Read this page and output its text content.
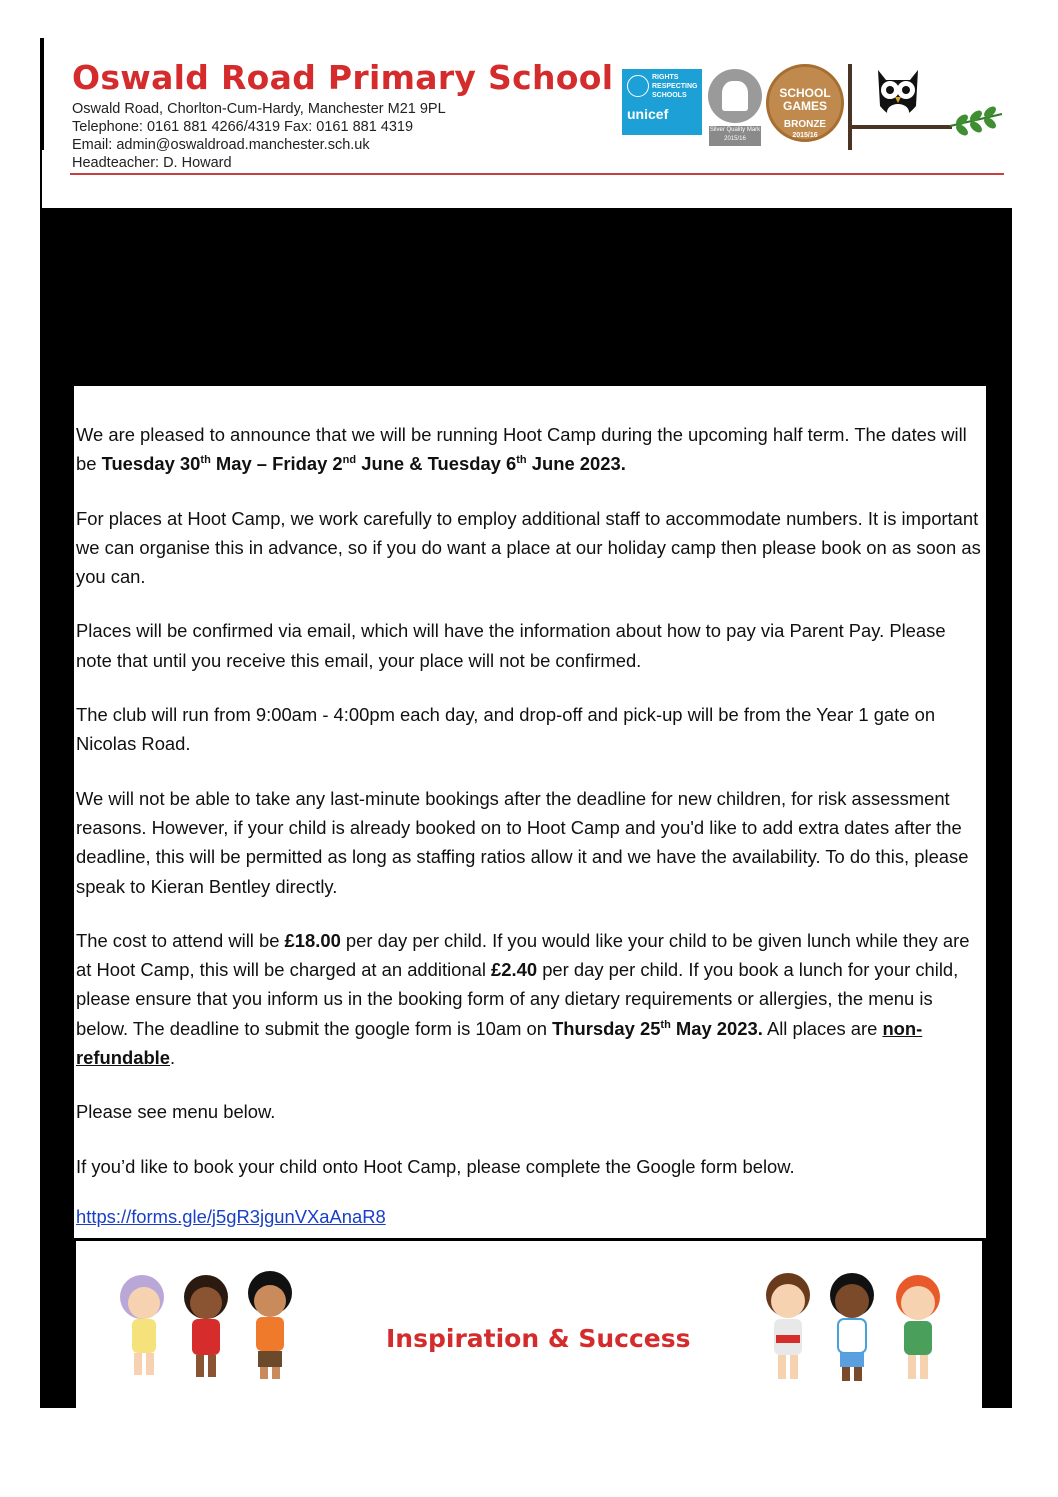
Oswald Road Primary School
Oswald Road, Chorlton-Cum-Hardy, Manchester M21 9PL
Telephone: 0161 881 4266/4319 Fax: 0161 881 4319
Email: admin@oswaldroad.manchester.sch.uk
Headteacher: D. Howard
RIGHTS RESPECTING SCHOOLS
unicef
Silver Quality Mark 2015/16
SCHOOL GAMES
BRONZE
2015/16

We are pleased to announce that we will be running Hoot Camp during the upcoming half term. The dates will be Tuesday 30th May – Friday 2nd June & Tuesday 6th June 2023.

For places at Hoot Camp, we work carefully to employ additional staff to accommodate numbers. It is important we can organise this in advance, so if you do want a place at our holiday camp then please book on as soon as you can.

Places will be confirmed via email, which will have the information about how to pay via Parent Pay. Please note that until you receive this email, your place will not be confirmed.

The club will run from 9:00am - 4:00pm each day, and drop-off and pick-up will be from the Year 1 gate on Nicolas Road.

We will not be able to take any last-minute bookings after the deadline for new children, for risk assessment reasons. However, if your child is already booked on to Hoot Camp and you'd like to add extra dates after the deadline, this will be permitted as long as staffing ratios allow it and we have the availability. To do this, please speak to Kieran Bentley directly.

The cost to attend will be £18.00 per day per child. If you would like your child to be given lunch while they are at Hoot Camp, this will be charged at an additional £2.40 per day per child. If you book a lunch for your child, please ensure that you inform us in the booking form of any dietary requirements or allergies, the menu is below. The deadline to submit the google form is 10am on Thursday 25th May 2023. All places are non-refundable.

Please see menu below.

If you’d like to book your child onto Hoot Camp, please complete the Google form below.

https://forms.gle/j5gR3jgunVXaAnaR8
Inspiration & Success
